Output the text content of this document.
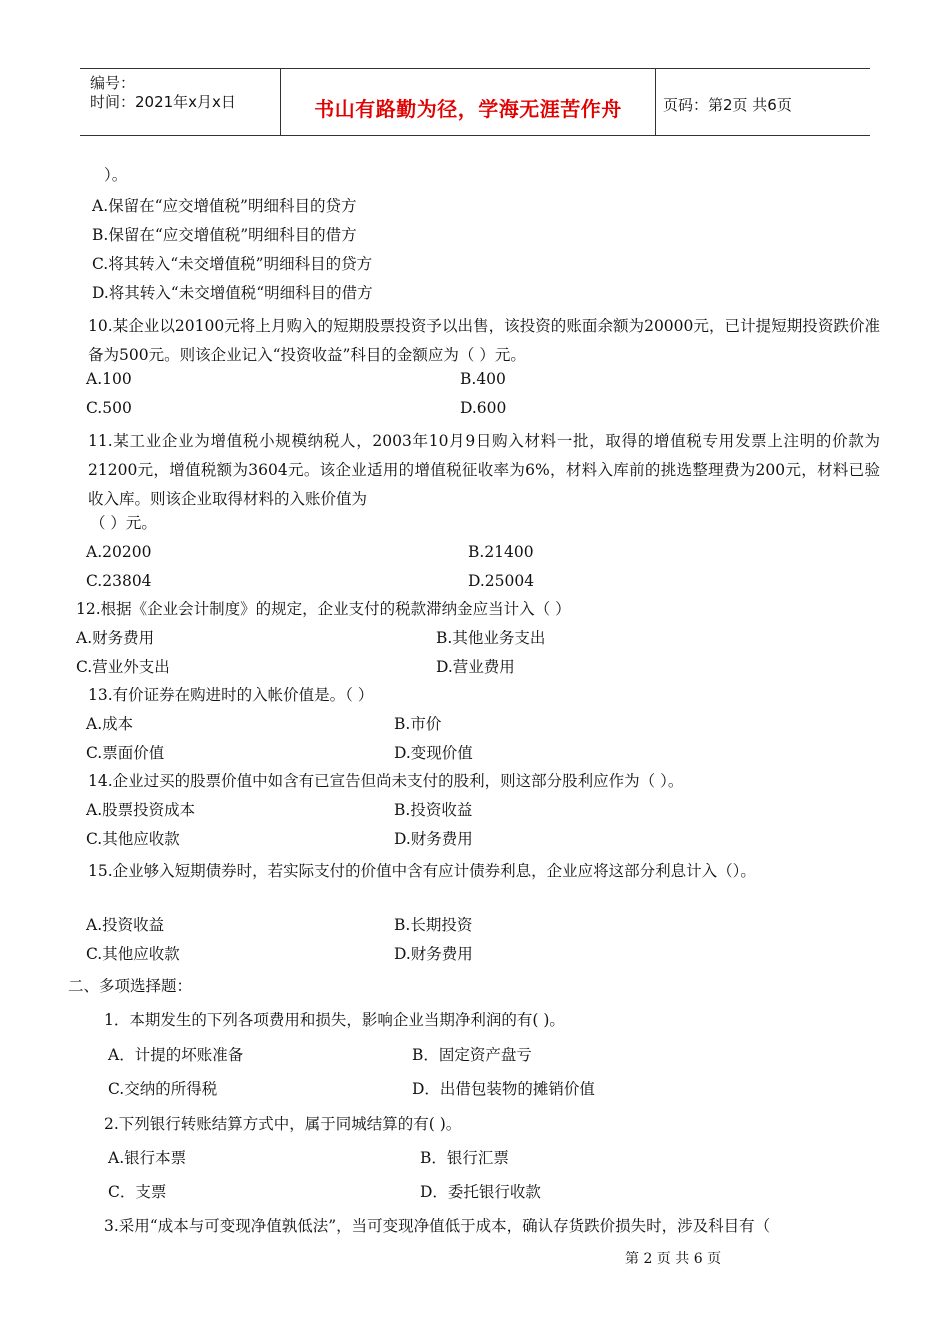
编号：
时间：2021年x月x日	书山有路勤为径，学海无涯苦作舟	页码：第2页 共6页
）。
A.保留在“应交增值税”明细科目的贷方
B.保留在“应交增值税”明细科目的借方
C.将其转入“未交增值税”明细科目的贷方
D.将其转入“未交增值税“明细科目的借方
10.某企业以20100元将上月购入的短期股票投资予以出售，该投资的账面余额为20000元，已计提短期投资跌价准备为500元。则该企业记入“投资收益”科目的金额应为（ ）元。
A.100	B.400
C.500	D.600
11.某工业企业为增值税小规模纳税人，2003年10月9日购入材料一批，取得的增值税专用发票上注明的价款为21200元，增值税额为3604元。该企业适用的增值税征收率为6%，材料入库前的挑选整理费为200元，材料已验收入库。则该企业取得材料的入账价值为
（ ）元。
A.20200	B.21400
C.23804	D.25004
12.根据《企业会计制度》的规定，企业支付的税款滞纳金应当计入（ ）
A.财务费用	B.其他业务支出
C.营业外支出	D.营业费用
13.有价证券在购进时的入帐价值是。（ ）
A.成本	B.市价
C.票面价值	D.变现价值
14.企业过买的股票价值中如含有已宣告但尚未支付的股利，则这部分股利应作为（ ）。
A.股票投资成本	B.投资收益
C.其他应收款	D.财务费用
15.企业够入短期债券时，若实际支付的价值中含有应计债券利息，企业应将这部分利息计入（）。
A.投资收益	B.长期投资
C.其他应收款	D.财务费用
二、多项选择题：
1．本期发生的下列各项费用和损失，影响企业当期净利润的有( )。
A．计提的坏账准备	B．固定资产盘亏
C.交纳的所得税	D．出借包装物的摊销价值
2.下列银行转账结算方式中，属于同城结算的有( )。
A.银行本票	B．银行汇票
C．支票	D．委托银行收款
3.采用“成本与可变现净值孰低法”，当可变现净值低于成本，确认存货跌价损失时，涉及科目有（
第 2 页 共 6 页
